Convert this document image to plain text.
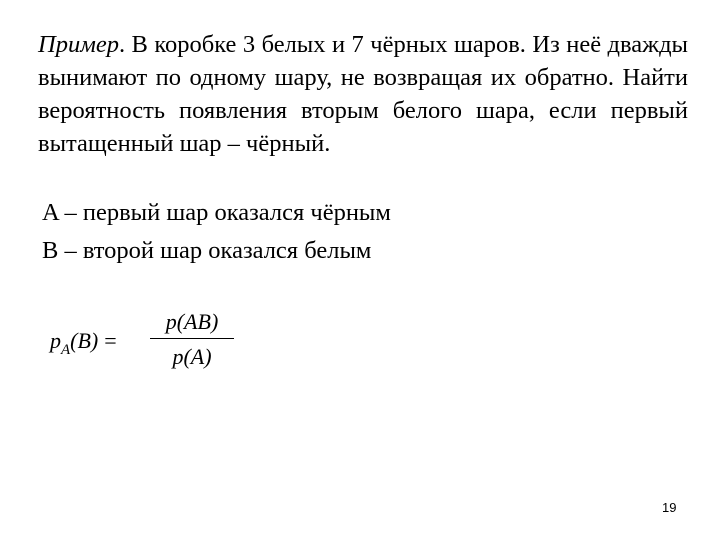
Пример. В коробке 3 белых и 7 чёрных шаров. Из неё дважды вынимают по одному шару, не возвращая их обратно. Найти вероятность появления вторым белого шара, если первый вытащенный шар – чёрный.

A – первый шар оказался чёрным
B – второй шар оказался белым
$p_A(B)$ =
p(AB)
p(A)
19
